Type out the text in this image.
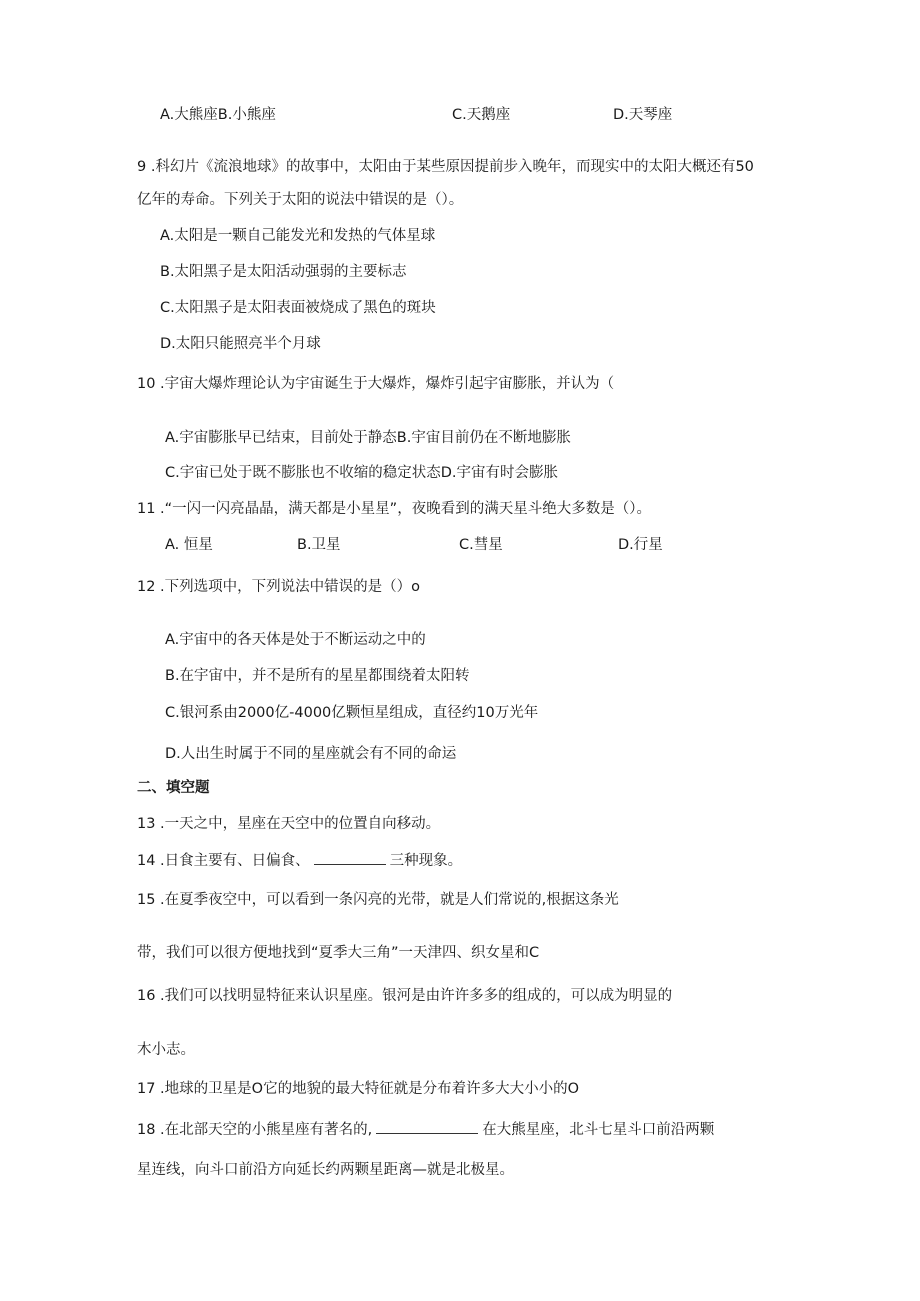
A.大熊座B.小熊座	C.天鹅座	D.天琴座
9 .科幻片《流浪地球》的故事中，太阳由于某些原因提前步入晚年，而现实中的太阳大概还有50
亿年的寿命。下列关于太阳的说法中错误的是（）。
A.太阳是一颗自己能发光和发热的气体星球
B.太阳黑子是太阳活动强弱的主要标志
C.太阳黑子是太阳表面被烧成了黑色的斑块
D.太阳只能照亮半个月球
10 .宇宙大爆炸理论认为宇宙诞生于大爆炸，爆炸引起宇宙膨胀，并认为（
A.宇宙膨胀早已结束，目前处于静态B.宇宙目前仍在不断地膨胀
C.宇宙已处于既不膨胀也不收缩的稳定状态D.宇宙有时会膨胀
11 .“一闪一闪亮晶晶，满天都是小星星”，夜晚看到的满天星斗绝大多数是（）。
A. 恒星	B.卫星	C.彗星	D.行星
12 .下列选项中，下列说法中错误的是（）o
A.宇宙中的各天体是处于不断运动之中的
B.在宇宙中，并不是所有的星星都围绕着太阳转
C.银河系由2000亿-4000亿颗恒星组成，直径约10万光年
D.人出生时属于不同的星座就会有不同的命运
二、填空题
13 .一天之中，星座在天空中的位置自向移动。
14 .日食主要有、日偏食、	三种现象。
15 .在夏季夜空中，可以看到一条闪亮的光带，就是人们常说的,根据这条光
带，我们可以很方便地找到“夏季大三角”一天津四、织女星和C
16 .我们可以找明显特征来认识星座。银河是由许许多多的组成的，可以成为明显的
木小志。
17 .地球的卫星是O它的地貌的最大特征就是分布着许多大大小小的O
18 .在北部天空的小熊星座有著名的,	在大熊星座，北斗七星斗口前沿两颗
星连线，向斗口前沿方向延长约两颗星距离—就是北极星。
